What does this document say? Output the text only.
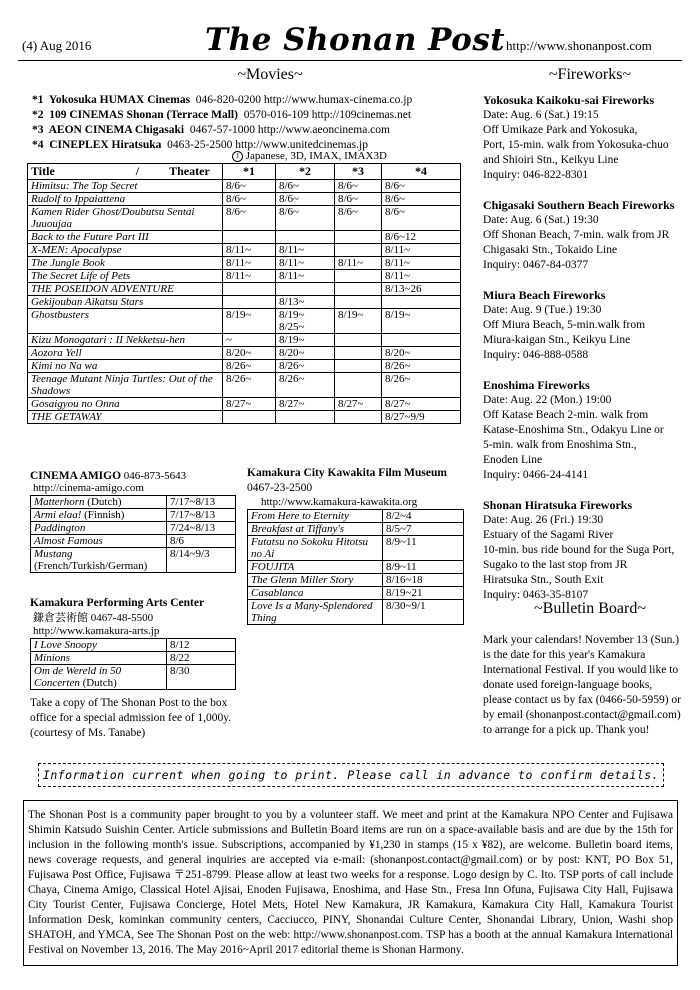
(4) Aug 2016	The Shonan Post http://www.shonanpost.com
~Movies~
*1 Yokosuka HUMAX Cinemas 046-820-0200 http://www.humax-cinema.co.jp
*2 109 CINEMAS Shonan (Terrace Mall) 0570-016-109 http://109cinemas.net
*3 AEON CINEMA Chigasaki 0467-57-1000 http://www.aeoncinema.com
*4 CINEPLEX Hiratsuka 0463-25-2500 http://www.unitedcinemas.jp
J Japanese, 3D, IMAX, IMAX3D
Title / Theater	*1	*2	*3	*4
Himitsu: The Top Secret	8/6~	8/6~	8/6~	8/6~
Rudolf to Ippaiattena	8/6~	8/6~	8/6~	8/6~
Kamen Rider Ghost/Doubutsu Sentai Juuoujaa	8/6~	8/6~	8/6~	8/6~
Back to the Future Part III				8/6~12
X-MEN: Apocalypse	8/11~	8/11~		8/11~
The Jungle Book	8/11~	8/11~	8/11~	8/11~
The Secret Life of Pets	8/11~	8/11~		8/11~
THE POSEIDON ADVENTURE				8/13~26
Gekijouban Aikatsu Stars		8/13~		
Ghostbusters	8/19~	8/19~ 8/25~	8/19~	8/19~
Kizu Monogatari : II Nekketsu-hen	~	8/19~		
Aozora Yell	8/20~	8/20~		8/20~
Kimi no Na wa	8/26~	8/26~		8/26~
Teenage Mutant Ninja Turtles: Out of the Shadows	8/26~	8/26~		8/26~
Gosaigyou no Onna	8/27~	8/27~	8/27~	8/27~
THE GETAWAY				8/27~9/9
CINEMA AMIGO 046-873-5643
http://cinema-amigo.com
Matterhorn (Dutch)	7/17~8/13
Armi elaa! (Finnish)	7/17~8/13
Paddington	7/24~8/13
Almost Famous	8/6
Mustang
(French/Turkish/German)	8/14~9/3
Kamakura Performing Arts Center
鎌倉芸術館 0467-48-5500
http://www.kamakura-arts.jp
I Love Snoopy	8/12
Minions	8/22
Om de Wereld in 50 Concerten (Dutch)	8/30
Take a copy of The Shonan Post to the box office for a special admission fee of 1,000y. (courtesy of Ms. Tanabe)
Kamakura City Kawakita Film Museum 0467-23-2500
http://www.kamakura-kawakita.org
From Here to Eternity	8/2~4
Breakfast at Tiffany's	8/5~7
Futatsu no Sokoku Hitotsu no Ai	8/9~11
FOUJITA	8/9~11
The Glenn Miller Story	8/16~18
Casablanca	8/19~21
Love Is a Many-Splendored Thing	8/30~9/1
~Fireworks~
Yokosuka Kaikoku-sai Fireworks
Date: Aug. 6 (Sat.) 19:15
Off Umikaze Park and Yokosuka,
Port, 15-min. walk from Yokosuka-chuo
and Shioiri Stn., Keikyu Line
Inquiry: 046-822-8301
Chigasaki Southern Beach Fireworks
Date: Aug. 6 (Sat.) 19:30
Off Shonan Beach, 7-min. walk from JR
Chigasaki Stn., Tokaido Line
Inquiry: 0467-84-0377
Miura Beach Fireworks
Date: Aug. 9 (Tue.) 19:30
Off Miura Beach, 5-min.walk from
Miura-kaigan Stn., Keikyu Line
Inquiry: 046-888-0588
Enoshima Fireworks
Date: Aug. 22 (Mon.) 19:00
Off Katase Beach 2-min. walk from
Katase-Enoshima Stn., Odakyu Line or
5-min. walk from Enoshima Stn.,
Enoden Line
Inquiry: 0466-24-4141
Shonan Hiratsuka Fireworks
Date: Aug. 26 (Fri.) 19:30
Estuary of the Sagami River
10-min. bus ride bound for the Suga Port,
Sugako to the last stop from JR
Hiratsuka Stn., South Exit
Inquiry: 0463-35-8107
~Bulletin Board~
Mark your calendars! November 13 (Sun.) is the date for this year's Kamakura International Festival. If you would like to donate used foreign-language books, please contact us by fax (0466-50-5959) or by email (shonanpost.contact@gmail.com) to arrange for a pick up. Thank you!
Information current when going to print. Please call in advance to confirm details.
The Shonan Post is a community paper brought to you by a volunteer staff. We meet and print at the Kamakura NPO Center and Fujisawa Shimin Katsudo Suishin Center. Article submissions and Bulletin Board items are run on a space-available basis and are due by the 15th for inclusion in the following month's issue. Subscriptions, accompanied by ¥1,230 in stamps (15 x ¥82), are welcome. Bulletin board items, news coverage requests, and general inquiries are accepted via e-mail: (shonanpost.contact@gmail.com) or by post: KNT, PO Box 51, Fujisawa Post Office, Fujisawa 〒251-8799. Please allow at least two weeks for a response. Logo design by C. Ito. TSP ports of call include Chaya, Cinema Amigo, Classical Hotel Ajisai, Enoden Fujisawa, Enoshima, and Hase Stn., Fresa Inn Ofuna, Fujisawa City Hall, Fujisawa City Tourist Center, Fujisawa Concierge, Hotel Mets, Hotel New Kamakura, JR Kamakura, Kamakura City Hall, Kamakura Tourist Information Desk, kominkan community centers, Cacciucco, PINY, Shonandai Culture Center, Shonandai Library, Union, Washi shop SHATOH, and YMCA, See The Shonan Post on the web: http://www.shonanpost.com. TSP has a booth at the annual Kamakura International Festival on November 13, 2016. The May 2016~April 2017 editorial theme is Shonan Harmony.
